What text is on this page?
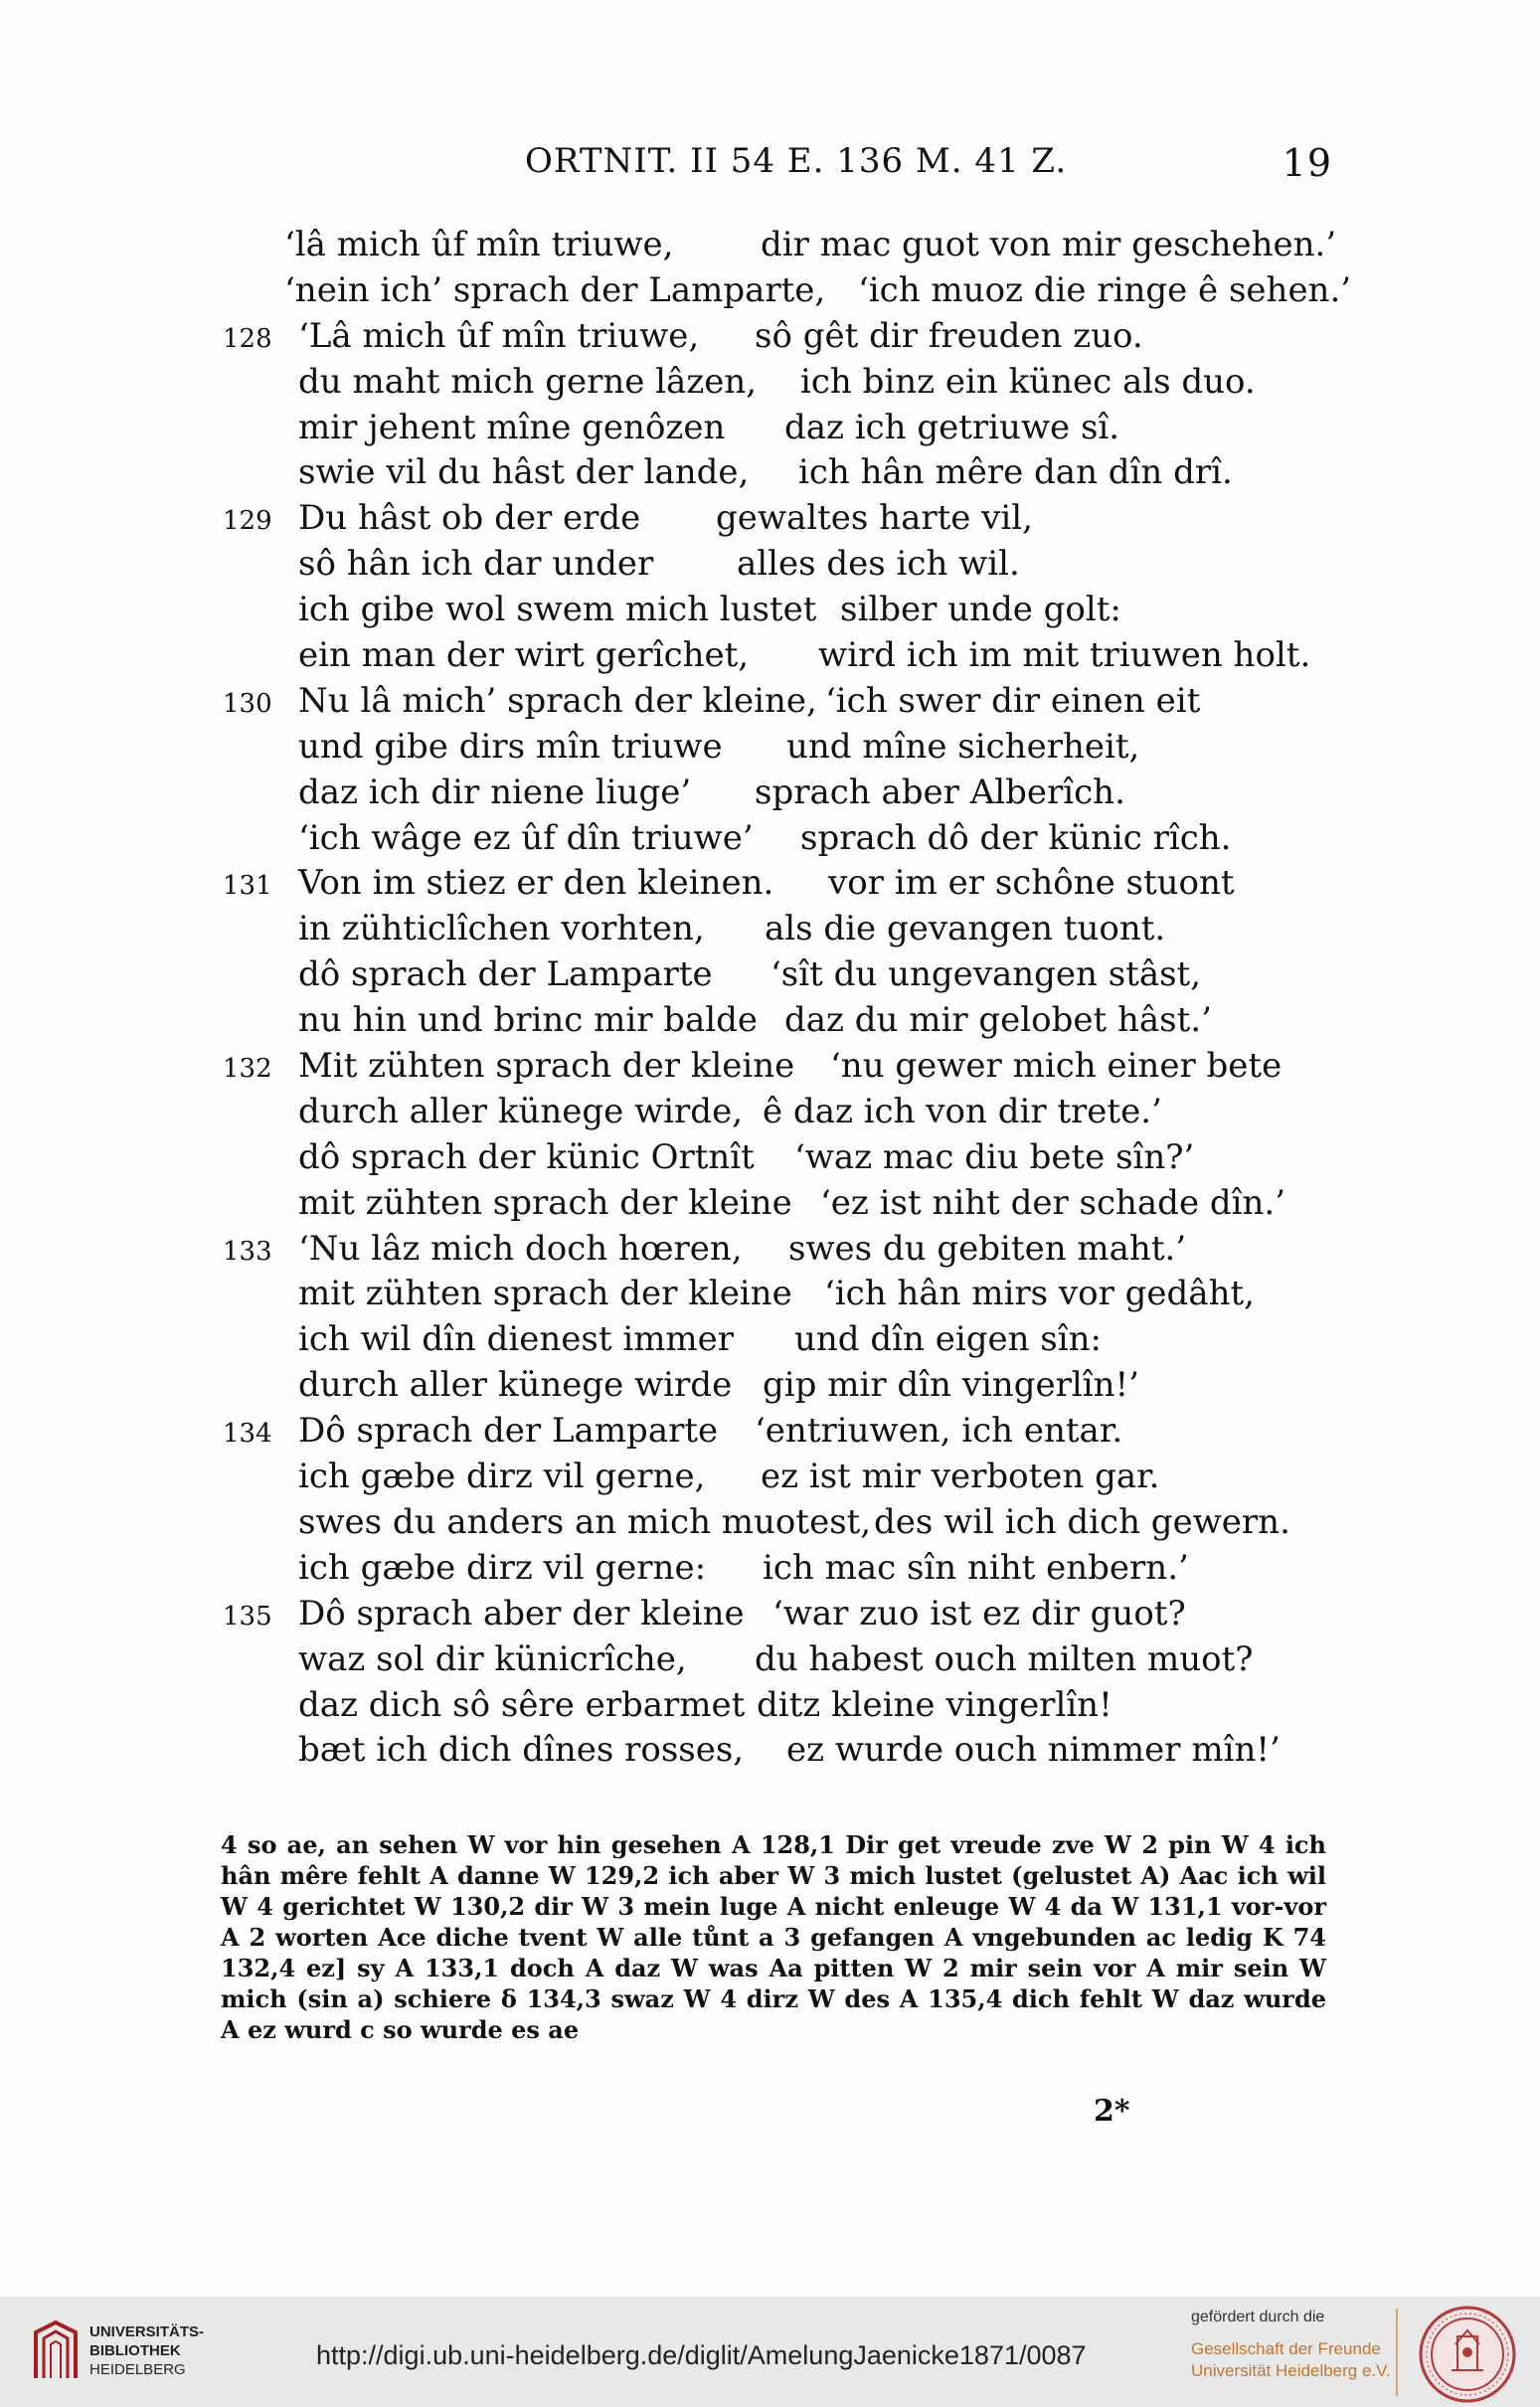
ORTNIT. II 54 E. 136 M. 41 Z.	19
‘lâ mich ûf mîn triuwe,	dir mac guot von mir geschehen.’
‘nein ich’ sprach der Lamparte, ‘ich muoz die ringe ê sehen.’
128 ‘Lâ mich ûf mîn triuwe, sô gêt dir freuden zuo.
du maht mich gerne lâzen, ich binz ein künec als duo.
mir jehent mîne genôzen daz ich getriuwe sî.
swie vil du hâst der lande, ich hân mêre dan dîn drî.
129 Du hâst ob der erde gewaltes harte vil,
sô hân ich dar under alles des ich wil.
ich gibe wol swem mich lustet silber unde golt:
ein man der wirt gerîchet, wird ich im mit triuwen holt.
130 Nu lâ mich’ sprach der kleine, ‘ich swer dir einen eit
und gibe dirs mîn triuwe und mîne sicherheit,
daz ich dir niene liuge’ sprach aber Alberîch.
‘ich wâge ez ûf dîn triuwe’ sprach dô der künic rîch.
131 Von im stiez er den kleinen. vor im er schône stuont
in zühticlîchen vorhten, als die gevangen tuont.
dô sprach der Lamparte ‘sît du ungevangen stâst,
nu hin und brinc mir balde daz du mir gelobet hâst.’
132 Mit zühten sprach der kleine ‘nu gewer mich einer bete
durch aller künege wirde, ê daz ich von dir trete.’
dô sprach der künic Ortnît ‘waz mac diu bete sîn?’
mit zühten sprach der kleine ‘ez ist niht der schade dîn.’
133 ‘Nu lâz mich doch hœren, swes du gebiten maht.’
mit zühten sprach der kleine ‘ich hân mirs vor gedâht,
ich wil dîn dienest immer und dîn eigen sîn:
durch aller künege wirde gip mir dîn vingerlîn!’
134 Dô sprach der Lamparte ‘entriuwen, ich entar.
ich gæbe dirz vil gerne, ez ist mir verboten gar.
swes du anders an mich muotest, des wil ich dich gewern.
ich gæbe dirz vil gerne: ich mac sîn niht enbern.’
135 Dô sprach aber der kleine ‘war zuo ist ez dir guot?
waz sol dir künicrîche, du habest ouch milten muot?
daz dich sô sêre erbarmet ditz kleine vingerlîn!
bæt ich dich dînes rosses, ez wurde ouch nimmer mîn!’

4 so ae, an sehen W vor hin gesehen A 128,1 Dir get vreude zve W 2 pin W 4 ich hân mêre fehlt A danne W 129,2 ich aber W 3 mich lustet (gelustet A) Aac ich wil W 4 gerichtet W 130,2 dir W 3 mein luge A nicht enleuge W 4 da W 131,1 vor-vor A 2 worten Ace diche tvent W alle tůnt a 3 gefangen A vngebunden ac ledig K 74 132,4 ez] sy A 133,1 doch A daz W was Aa pitten W 2 mir sein vor A mir sein W mich (sin a) schiere δ 134,3 swaz W 4 dirz W des A 135,4 dich fehlt W daz wurde A ez wurd c so wurde es ae

2*
UNIVERSITÄTS-
BIBLIOTHEK
HEIDELBERG	http://digi.ub.uni-heidelberg.de/diglit/AmelungJaenicke1871/0087
gefördert durch die
Gesellschaft der Freunde
Universität Heidelberg e.V.
